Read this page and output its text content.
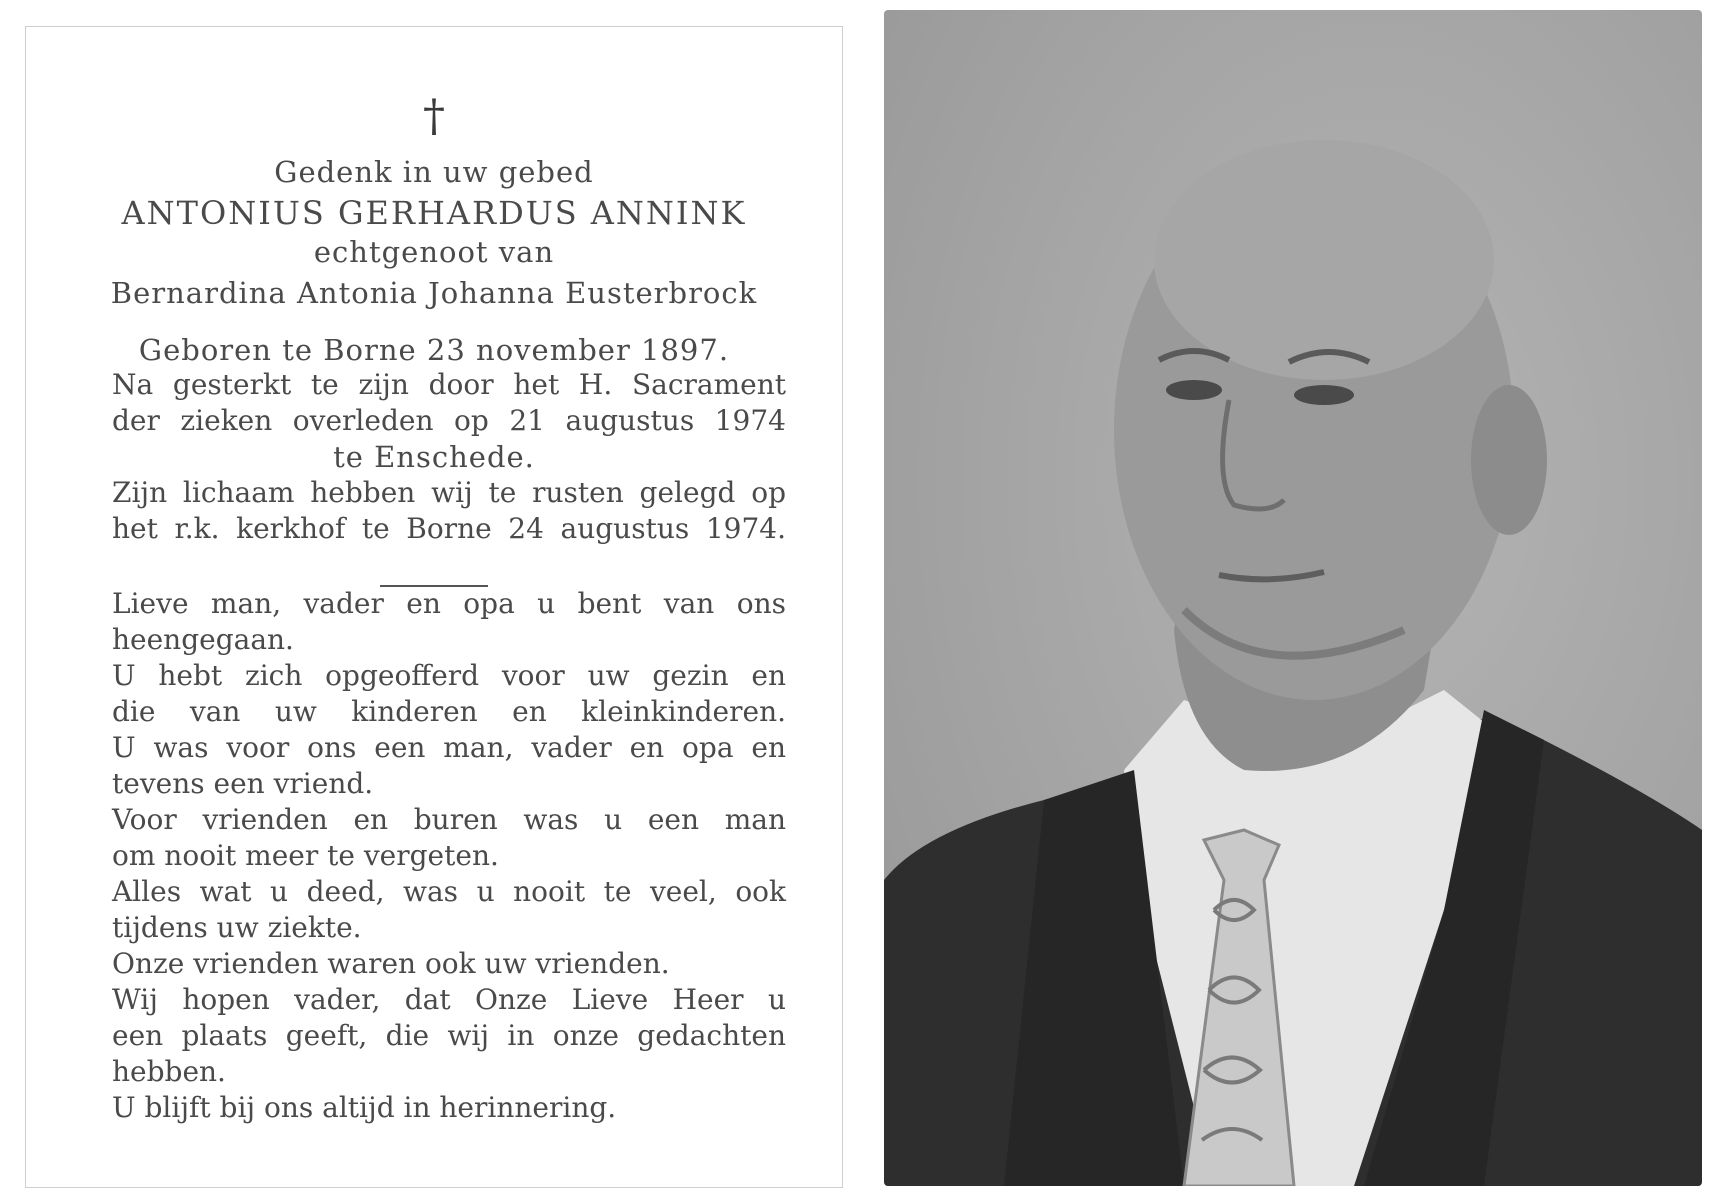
†
Gedenk in uw gebed
ANTONIUS GERHARDUS ANNINK
echtgenoot van
Bernardina Antonia Johanna Eusterbrock
Geboren te Borne 23 november 1897.
Na gesterkt te zijn door het H. Sacrament
der zieken overleden op 21 augustus 1974
te Enschede.
Zijn lichaam hebben wij te rusten gelegd op
het r.k. kerkhof te Borne 24 augustus 1974.
Lieve man, vader en opa u bent van ons
heengegaan.
U hebt zich opgeofferd voor uw gezin en
die van uw kinderen en kleinkinderen.
U was voor ons een man, vader en opa en
tevens een vriend.
Voor vrienden en buren was u een man
om nooit meer te vergeten.
Alles wat u deed, was u nooit te veel, ook
tijdens uw ziekte.
Onze vrienden waren ook uw vrienden.
Wij hopen vader, dat Onze Lieve Heer u
een plaats geeft, die wij in onze gedachten
hebben.
U blijft bij ons altijd in herinnering.
